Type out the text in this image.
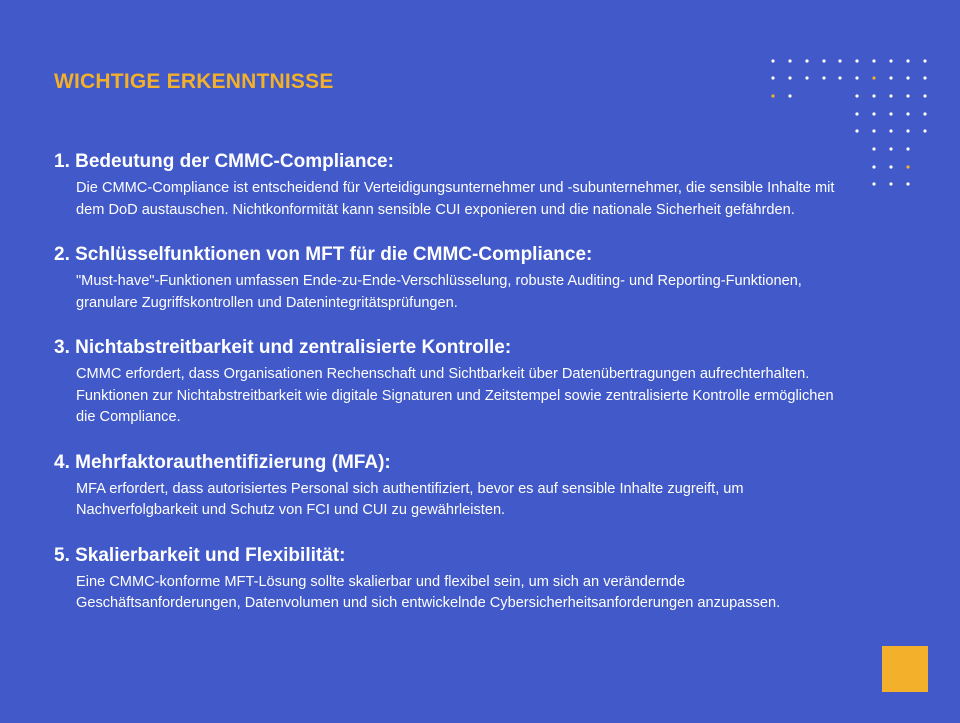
WICHTIGE ERKENNTNISSE

1. Bedeutung der CMMC-Compliance:

Die CMMC-Compliance ist entscheidend für Verteidigungsunternehmer und -subunternehmer, die sensible Inhalte mit dem DoD austauschen. Nichtkonformität kann sensible CUI exponieren und die nationale Sicherheit gefährden.

2. Schlüsselfunktionen von MFT für die CMMC-Compliance:

"Must-have"-Funktionen umfassen Ende-zu-Ende-Verschlüsselung, robuste Auditing- und Reporting-Funktionen, granulare Zugriffskontrollen und Datenintegritätsprüfungen.

3. Nichtabstreitbarkeit und zentralisierte Kontrolle:

CMMC erfordert, dass Organisationen Rechenschaft und Sichtbarkeit über Datenübertragungen aufrechterhalten. Funktionen zur Nichtabstreitbarkeit wie digitale Signaturen und Zeitstempel sowie zentralisierte Kontrolle ermöglichen die Compliance.

4. Mehrfaktorauthentifizierung (MFA):

MFA erfordert, dass autorisiertes Personal sich authentifiziert, bevor es auf sensible Inhalte zugreift, um Nachverfolgbarkeit und Schutz von FCI und CUI zu gewährleisten.

5. Skalierbarkeit und Flexibilität:

Eine CMMC-konforme MFT-Lösung sollte skalierbar und flexibel sein, um sich an verändernde Geschäftsanforderungen, Datenvolumen und sich entwickelnde Cybersicherheitsanforderungen anzupassen.
